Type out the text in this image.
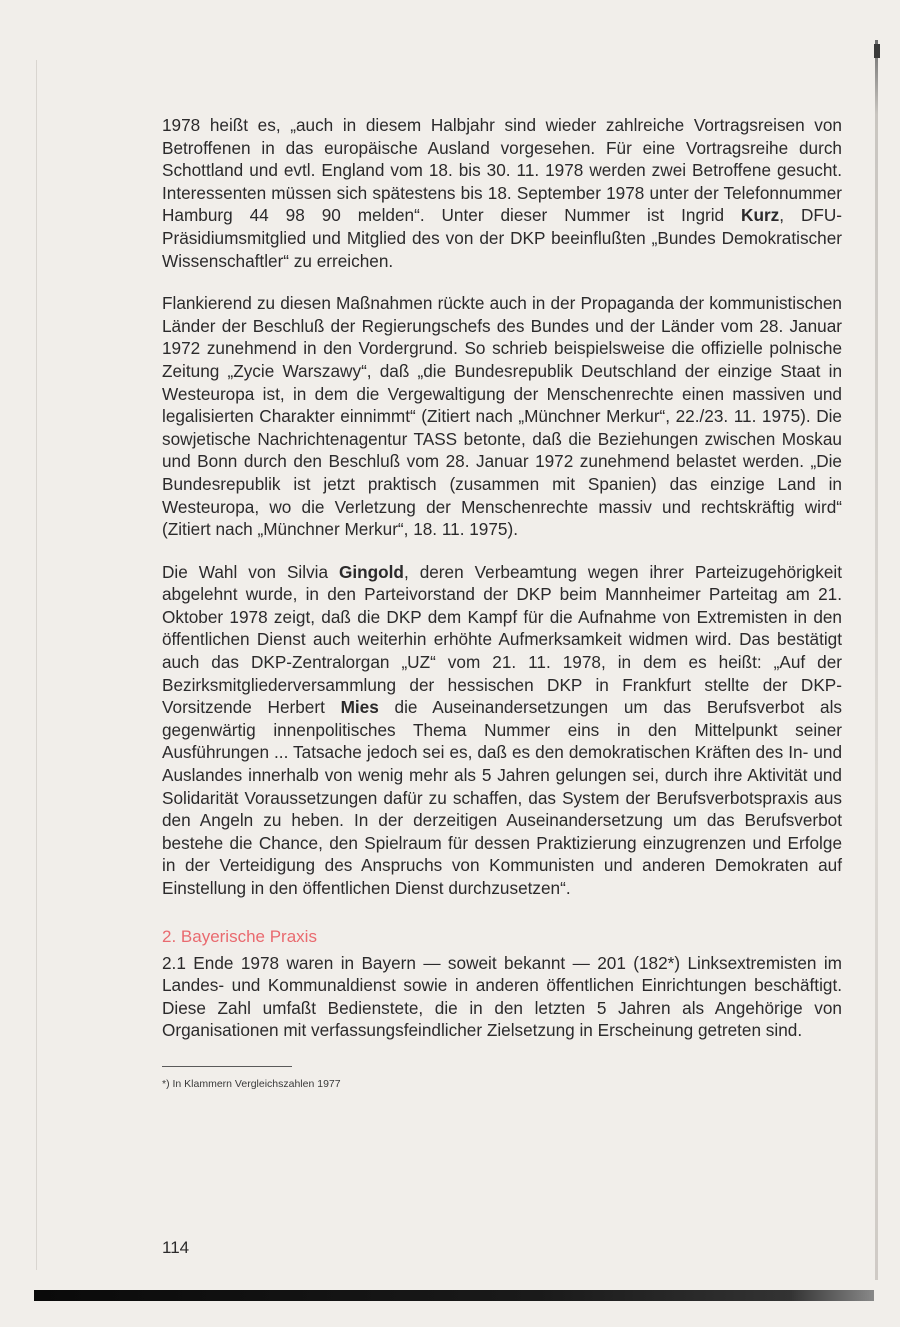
1978 heißt es, „auch in diesem Halbjahr sind wieder zahlreiche Vortragsreisen von Betroffenen in das europäische Ausland vorgesehen. Für eine Vortragsreihe durch Schottland und evtl. England vom 18. bis 30. 11. 1978 werden zwei Betroffene gesucht. Interessenten müssen sich spätestens bis 18. September 1978 unter der Telefonnummer Hamburg 44 98 90 melden“. Unter dieser Nummer ist Ingrid Kurz, DFU-Präsidiumsmitglied und Mitglied des von der DKP beeinflußten „Bundes Demokratischer Wissenschaftler“ zu erreichen.

Flankierend zu diesen Maßnahmen rückte auch in der Propaganda der kommunistischen Länder der Beschluß der Regierungschefs des Bundes und der Länder vom 28. Januar 1972 zunehmend in den Vordergrund. So schrieb beispielsweise die offizielle polnische Zeitung „Zycie Warszawy“, daß „die Bundesrepublik Deutschland der einzige Staat in Westeuropa ist, in dem die Vergewaltigung der Menschenrechte einen massiven und legalisierten Charakter einnimmt“ (Zitiert nach „Münchner Merkur“, 22./23. 11. 1975). Die sowjetische Nachrichtenagentur TASS betonte, daß die Beziehungen zwischen Moskau und Bonn durch den Beschluß vom 28. Januar 1972 zunehmend belastet werden. „Die Bundesrepublik ist jetzt praktisch (zusammen mit Spanien) das einzige Land in Westeuropa, wo die Verletzung der Menschenrechte massiv und rechtskräftig wird“ (Zitiert nach „Münchner Merkur“, 18. 11. 1975).

Die Wahl von Silvia Gingold, deren Verbeamtung wegen ihrer Parteizugehörigkeit abgelehnt wurde, in den Parteivorstand der DKP beim Mannheimer Parteitag am 21. Oktober 1978 zeigt, daß die DKP dem Kampf für die Aufnahme von Extremisten in den öffentlichen Dienst auch weiterhin erhöhte Aufmerksamkeit widmen wird. Das bestätigt auch das DKP-Zentralorgan „UZ“ vom 21. 11. 1978, in dem es heißt: „Auf der Bezirksmitgliederversammlung der hessischen DKP in Frankfurt stellte der DKP-Vorsitzende Herbert Mies die Auseinandersetzungen um das Berufsverbot als gegenwärtig innenpolitisches Thema Nummer eins in den Mittelpunkt seiner Ausführungen ... Tatsache jedoch sei es, daß es den demokratischen Kräften des In- und Auslandes innerhalb von wenig mehr als 5 Jahren gelungen sei, durch ihre Aktivität und Solidarität Voraussetzungen dafür zu schaffen, das System der Berufsverbotspraxis aus den Angeln zu heben. In der derzeitigen Auseinandersetzung um das Berufsverbot bestehe die Chance, den Spielraum für dessen Praktizierung einzugrenzen und Erfolge in der Verteidigung des Anspruchs von Kommunisten und anderen Demokraten auf Einstellung in den öffentlichen Dienst durchzusetzen“.

2. Bayerische Praxis

2.1 Ende 1978 waren in Bayern — soweit bekannt — 201 (182*) Linksextremisten im Landes- und Kommunaldienst sowie in anderen öffentlichen Einrichtungen beschäftigt. Diese Zahl umfaßt Bedienstete, die in den letzten 5 Jahren als Angehörige von Organisationen mit verfassungsfeindlicher Zielsetzung in Erscheinung getreten sind.

*) In Klammern Vergleichszahlen 1977
114
